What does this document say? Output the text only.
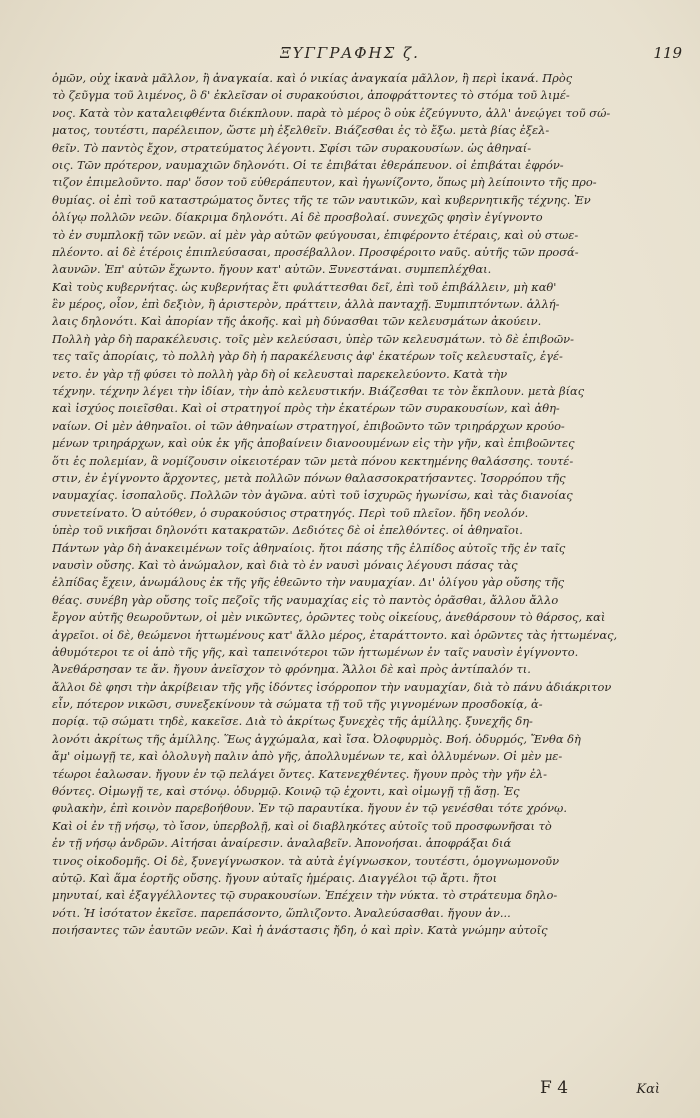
ΞΥΓΓΡΑΦΗΣ ζ.	119
ὀμῶν, οὐχ ἱκανὰ μᾶλλον, ἢ ἀναγκαία. καὶ ὁ νικίας ἀναγκαία μᾶλλον, ἢ περὶ ἱκανά. Πρὸς
τὸ ζεῦγμα τοῦ λιμένος, ὃ δ' ἐκλεῖσαν οἱ συρακούσιοι, ἀποφράττοντες τὸ στόμα τοῦ λιμέ-
νος. Κατὰ τὸν καταλειφθέντα διέκπλουν. παρὰ τὸ μέρος ὃ οὐκ ἐζεύγνυτο, ἀλλ' ἀνεῴγει τοῦ σώ-
ματος, τουτέστι, παρέλειπον, ὥστε μὴ ἐξελθεῖν. Βιάζεσθαι ἐς τὸ ἔξω. μετὰ βίας ἐξελ-
θεῖν. Τὸ παντὸς ἔχον, στρατεύματος λέγοντι. Σφίσι τῶν συρακουσίων. ὡς ἀθηναί-
οις. Τῶν πρότερον, ναυμαχιῶν δηλονότι. Οἱ τε ἐπιβάται ἐθεράπευον. οἱ ἐπιβάται ἐφρόν-
τιζον ἐπιμελοῦντο. παρ' ὅσον τοῦ εὐθεράπευτον, καὶ ἠγωνίζοντο, ὅπως μὴ λείποιντο τῆς προ-
θυμίας. οἱ ἐπὶ τοῦ καταστρώματος ὄντες τῆς τε τῶν ναυτικῶν, καὶ κυβερνητικῆς τέχνης. Ἐν
ὀλίγῳ πολλῶν νεῶν. δίακριμα δηλονότι. Αἱ δὲ προσβολαί. συνεχῶς φησὶν ἐγίγνοντο
τὸ ἐν συμπλοκῇ τῶν νεῶν. αἱ μὲν γὰρ αὐτῶν φεύγουσαι, ἐπιφέροντο ἑτέραις, καὶ οὐ στωε-
πλέοντο. αἱ δὲ ἑτέροις ἐπιπλεύσασαι, προσέβαλλον. Προσφέροιτο ναῦς. αὐτῆς τῶν προσά-
λαυνῶν. Ἐπ' αὐτῶν ἔχωντο. ἤγουν κατ' αὐτῶν. Ξυνεστάναι. συμπεπλέχθαι.
Καὶ τοὺς κυβερνήτας. ὡς κυβερνήτας ἔτι φυλάττεσθαι δεῖ, ἐπὶ τοῦ ἐπιβάλλειν, μὴ καθ'
ἓν μέρος, οἷον, ἐπὶ δεξιὸν, ἢ ἀριστερὸν, πράττειν, ἀλλὰ πανταχῇ. Ξυμπιπτόντων. ἀλλή-
λαις δηλονότι. Καὶ ἀπορίαν τῆς ἀκοῆς. καὶ μὴ δύνασθαι τῶν κελευσμάτων ἀκούειν.
Πολλὴ γὰρ δὴ παρακέλευσις. τοῖς μὲν κελεύσασι, ὑπὲρ τῶν κελευσμάτων. τὸ δὲ ἐπιβοῶν-
τες ταῖς ἀπορίαις, τὸ πολλὴ γὰρ δὴ ἡ παρακέλευσις ἀφ' ἑκατέρων τοῖς κελευσταῖς, ἐγέ-
νετο. ἐν γὰρ τῇ φύσει τὸ πολλὴ γὰρ δὴ οἱ κελευσταὶ παρεκελεύοντο. Κατὰ τὴν
τέχνην. τέχνην λέγει τὴν ἰδίαν, τὴν ἀπὸ κελευστικήν. Βιάζεσθαι τε τὸν ἔκπλουν. μετὰ βίας
καὶ ἰσχύος ποιεῖσθαι. Καὶ οἱ στρατηγοί πρὸς τὴν ἑκατέρων τῶν συρακουσίων, καὶ ἀθη-
ναίων. Οἱ μὲν ἀθηναῖοι. οἱ τῶν ἀθηναίων στρατηγοί, ἐπιβοῶντο τῶν τριηράρχων κρούο-
μένων τριηράρχων, καὶ οὐκ ἐκ γῆς ἀποβαίνειν διανοουμένων εἰς τὴν γῆν, καὶ ἐπιβοῶντες
ὅτι ἐς πολεμίαν, ἃ νομίζουσιν οἰκειοτέραν τῶν μετὰ πόνου κεκτημένης θαλάσσης. τουτέ-
στιν, ἐν ἐγίγνοντο ἄρχοντες, μετὰ πολλῶν πόνων θαλασσοκρατήσαντες. Ἰσορρόπου τῆς
ναυμαχίας. ἰσοπαλοῦς. Πολλῶν τὸν ἀγῶνα. αὐτὶ τοῦ ἰσχυρῶς ἠγωνίσω, καὶ τὰς διανοίας
συνετείνατο. Ὁ αὐτόθεν, ὁ συρακούσιος στρατηγός. Περὶ τοῦ πλεῖον. ἤδη νεολόν.
ὑπὲρ τοῦ νικῆσαι δηλονότι κατακρατῶν. Δεδιότες δὲ οἱ ἐπελθόντες. οἱ ἀθηναῖοι.
Πάντων γὰρ δὴ ἀνακειμένων τοῖς ἀθηναίοις. ἤτοι πάσης τῆς ἐλπίδος αὐτοῖς τῆς ἐν ταῖς
ναυσὶν οὔσης. Καὶ τὸ ἀνώμαλον, καὶ διὰ τὸ ἐν ναυσὶ μόναις λέγουσι πάσας τὰς
ἐλπίδας ἔχειν, ἀνωμάλους ἐκ τῆς γῆς ἐθεῶντο τὴν ναυμαχίαν. Δι' ὀλίγου γὰρ οὔσης τῆς
θέας. συνέβη γὰρ οὔσης τοῖς πεζοῖς τῆς ναυμαχίας εἰς τὸ παντὸς ὁρᾶσθαι, ἄλλου ἄλλο
ἔργον αὐτῆς θεωροῦντων, οἱ μὲν νικῶντες, ὁρῶντες τοὺς οἰκείους, ἀνεθάρσουν τὸ θάρσος, καὶ
ἀγρεῖοι. οἱ δὲ, θεώμενοι ἡττωμένους κατ' ἄλλο μέρος, ἐταράττοντο. καὶ ὁρῶντες τὰς ἡττωμένας,
ἀθυμότεροι τε οἱ ἀπὸ τῆς γῆς, καὶ ταπεινότεροι τῶν ἡττωμένων ἐν ταῖς ναυσὶν ἐγίγνοντο.
Ἀνεθάρσησαν τε ἄν. ἤγουν ἀνεῖσχον τὸ φρόνημα. Ἄλλοι δὲ καὶ πρὸς ἀντίπαλόν τι.
ἄλλοι δὲ φησι τὴν ἀκρίβειαν τῆς γῆς ἰδόντες ἰσόρροπον τὴν ναυμαχίαν, διὰ τὸ πάνυ ἀδιάκριτον
εἶν, πότερον νικῶσι, συνεξεκίνουν τὰ σώματα τῇ τοῦ τῆς γιγνομένων προσδοκίᾳ, ἀ-
πορίᾳ. τῷ σώματι τηδὲ, κακεῖσε. Διὰ τὸ ἀκρίτως ξυνεχὲς τῆς ἁμίλλης. ξυνεχῆς δη-
λονότι ἀκρίτως τῆς ἁμίλλης. Ἕως ἀγχώμαλα, καὶ ἴσα. Ὀλοφυρμὸς. Βοή. ὀδυρμός, Ἔνθα δὴ
ἄμ' οἰμωγῇ τε, καὶ ὀλολυγὴ παλιν ἀπὸ γῆς, ἀπολλυμένων τε, καὶ ὀλλυμένων. Οἱ μὲν με-
τέωροι ἑαλωσαν. ἤγουν ἐν τῷ πελάγει ὄντες. Κατενεχθέντες. ἤγουν πρὸς τὴν γῆν ἐλ-
θόντες. Οἰμωγῇ τε, καὶ στόνῳ. ὀδυρμῷ. Κοινῷ τῷ ἐχοντι, καὶ οἰμωγῇ τῇ ἄσῃ. Ἐς
φυλακὴν, ἐπὶ κοινὸν παρεβοήθουν. Ἐν τῷ παραυτίκα. ἤγουν ἐν τῷ γενέσθαι τότε χρόνῳ.
Καὶ οἱ ἐν τῇ νήσῳ, τὸ ἴσον, ὑπερβολῇ, καὶ οἱ διαβληκότες αὐτοῖς τοῦ προσφωνῆσαι τὸ
ἐν τῇ νήσῳ ἀνδρῶν. Αἰτήσαι ἀναίρεσιν. ἀναλαβεῖν. Ἀπονοήσαι. ἀποφράξαι διά
τινος οἰκοδομῆς. Οἱ δὲ, ξυνεγίγνωσκον. τὰ αὐτὰ ἐγίγνωσκον, τουτέστι, ὁμογνωμονοῦν
αὐτῷ. Καὶ ἅμα ἑορτῆς οὔσης. ἤγουν αὐταῖς ἡμέραις. Διαγγέλοι τῷ ἄρτι. ἤτοι
μηνυταί, καὶ ἐξαγγέλλοντες τῷ συρακουσίων. Ἐπέχειν τὴν νύκτα. τὸ στράτευμα δηλο-
νότι. Ἡ ἰσότατον ἐκεῖσε. παρεπάσοντο, ὥπλιζοντο. Ἀναλεύσασθαι. ἤγουν ἀν...
ποιήσαντες τῶν ἑαυτῶν νεῶν. Καὶ ἡ ἀνάστασις ἤδη, ὁ καὶ πρὶν. Κατὰ γνώμην αὐτοῖς
F 4	Καὶ
